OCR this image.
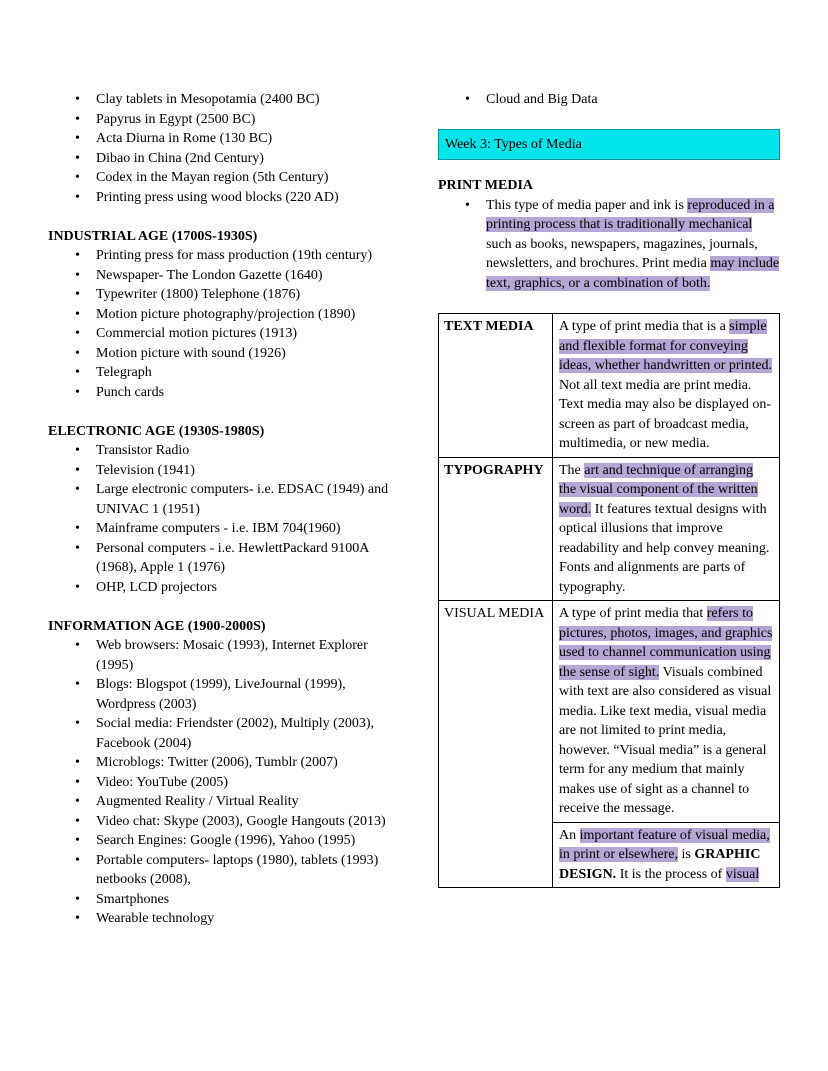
• Clay tablets in Mesopotamia (2400 BC)
• Papyrus in Egypt (2500 BC)
• Acta Diurna in Rome (130 BC)
• Dibao in China (2nd Century)
• Codex in the Mayan region (5th Century)
• Printing press using wood blocks (220 AD)
INDUSTRIAL AGE (1700S-1930S)
• Printing press for mass production (19th century)
• Newspaper- The London Gazette (1640)
• Typewriter (1800) Telephone (1876)
• Motion picture photography/projection (1890)
• Commercial motion pictures (1913)
• Motion picture with sound (1926)
• Telegraph
• Punch cards
ELECTRONIC AGE (1930S-1980S)
• Transistor Radio
• Television (1941)
• Large electronic computers- i.e. EDSAC (1949) and UNIVAC 1 (1951)
• Mainframe computers - i.e. IBM 704(1960)
• Personal computers - i.e. HewlettPackard 9100A (1968), Apple 1 (1976)
• OHP, LCD projectors
INFORMATION AGE (1900-2000S)
• Web browsers: Mosaic (1993), Internet Explorer (1995)
• Blogs: Blogspot (1999), LiveJournal (1999), Wordpress (2003)
• Social media: Friendster (2002), Multiply (2003), Facebook (2004)
• Microblogs: Twitter (2006), Tumblr (2007)
• Video: YouTube (2005)
• Augmented Reality / Virtual Reality
• Video chat: Skype (2003), Google Hangouts (2013)
• Search Engines: Google (1996), Yahoo (1995)
• Portable computers- laptops (1980), tablets (1993) netbooks (2008),
• Smartphones
• Wearable technology
• Cloud and Big Data
Week 3: Types of Media
PRINT MEDIA
• This type of media paper and ink is reproduced in a printing process that is traditionally mechanical such as books, newspapers, magazines, journals, newsletters, and brochures. Print media may include text, graphics, or a combination of both.
TEXT MEDIA	A type of print media that is a simple and flexible format for conveying ideas, whether handwritten or printed. Not all text media are print media. Text media may also be displayed on-screen as part of broadcast media, multimedia, or new media.
TYPOGRAPHY	The art and technique of arranging the visual component of the written word. It features textual designs with optical illusions that improve readability and help convey meaning. Fonts and alignments are parts of typography.
VISUAL MEDIA	A type of print media that refers to pictures, photos, images, and graphics used to channel communication using the sense of sight. Visuals combined with text are also considered as visual media. Like text media, visual media are not limited to print media, however. “Visual media” is a general term for any medium that mainly makes use of sight as a channel to receive the message.
An important feature of visual media, in print or elsewhere, is GRAPHIC DESIGN. It is the process of visual
